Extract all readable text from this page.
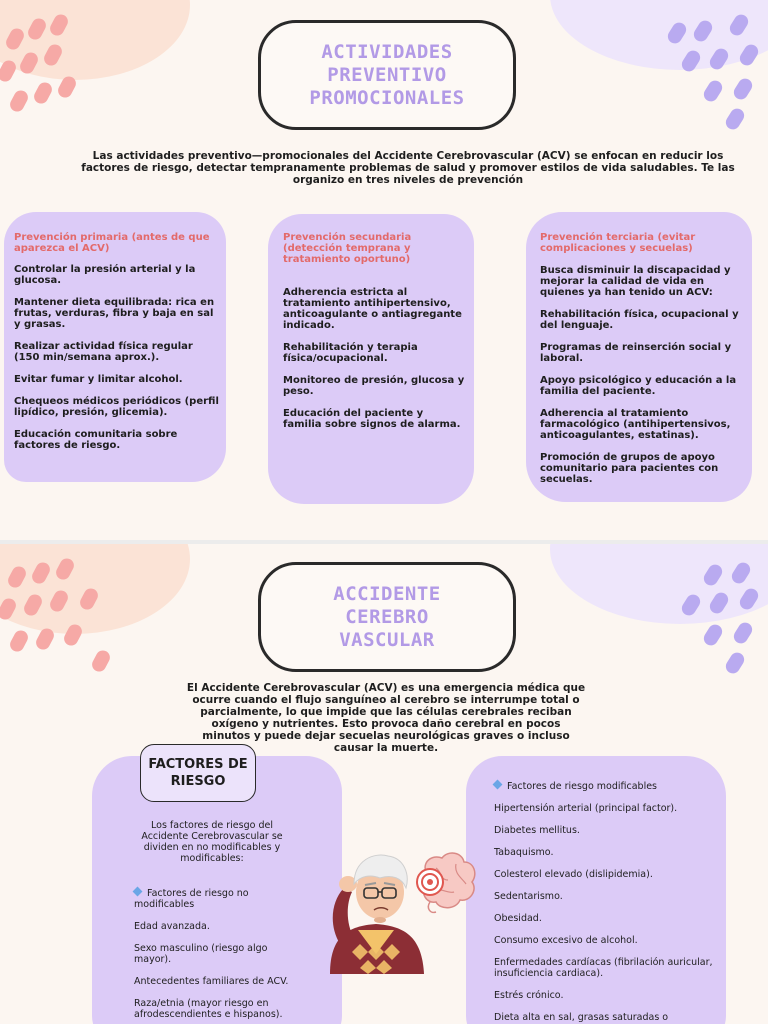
ACTIVIDADES
PREVENTIVO
PROMOCIONALES
Las actividades preventivo—promocionales del Accidente Cerebrovascular (ACV) se enfocan en reducir los factores de riesgo, detectar tempranamente problemas de salud y promover estilos de vida saludables. Te las organizo en tres niveles de prevención
Prevención primaria (antes de que aparezca el ACV)

Controlar la presión arterial y la glucosa.

Mantener dieta equilibrada: rica en frutas, verduras, fibra y baja en sal y grasas.

Realizar actividad física regular (150 min/semana aprox.).

Evitar fumar y limitar alcohol.

Chequeos médicos periódicos (perfil lipídico, presión, glicemia).

Educación comunitaria sobre factores de riesgo.

Prevención secundaria (detección temprana y tratamiento oportuno)

Adherencia estricta al tratamiento antihipertensivo, anticoagulante o antiagregante indicado.

Rehabilitación y terapia física/ocupacional.

Monitoreo de presión, glucosa y peso.

Educación del paciente y familia sobre signos de alarma.

Prevención terciaria (evitar complicaciones y secuelas)

Busca disminuir la discapacidad y mejorar la calidad de vida en quienes ya han tenido un ACV:

Rehabilitación física, ocupacional y del lenguaje.

Programas de reinserción social y laboral.

Apoyo psicológico y educación a la familia del paciente.

Adherencia al tratamiento farmacológico (antihipertensivos, anticoagulantes, estatinas).

Promoción de grupos de apoyo comunitario para pacientes con secuelas.

ACCIDENTE
CEREBRO
VASCULAR
El Accidente Cerebrovascular (ACV) es una emergencia médica que ocurre cuando el flujo sanguíneo al cerebro se interrumpe total o parcialmente, lo que impide que las células cerebrales reciban oxígeno y nutrientes. Esto provoca daño cerebral en pocos minutos y puede dejar secuelas neurológicas graves o incluso causar la muerte.
Los factores de riesgo del Accidente Cerebrovascular se dividen en no modificables y modificables:

Factores de riesgo no modificables

Edad avanzada.

Sexo masculino (riesgo algo mayor).

Antecedentes familiares de ACV.

Raza/etnia (mayor riesgo en afrodescendientes e hispanos).

Factores de riesgo modificables

Hipertensión arterial (principal factor).

Diabetes mellitus.

Tabaquismo.

Colesterol elevado (dislipidemia).

Sedentarismo.

Obesidad.

Consumo excesivo de alcohol.

Enfermedades cardíacas (fibrilación auricular, insuficiencia cardiaca).

Estrés crónico.

Dieta alta en sal, grasas saturadas o

FACTORES DE
RIESGO
